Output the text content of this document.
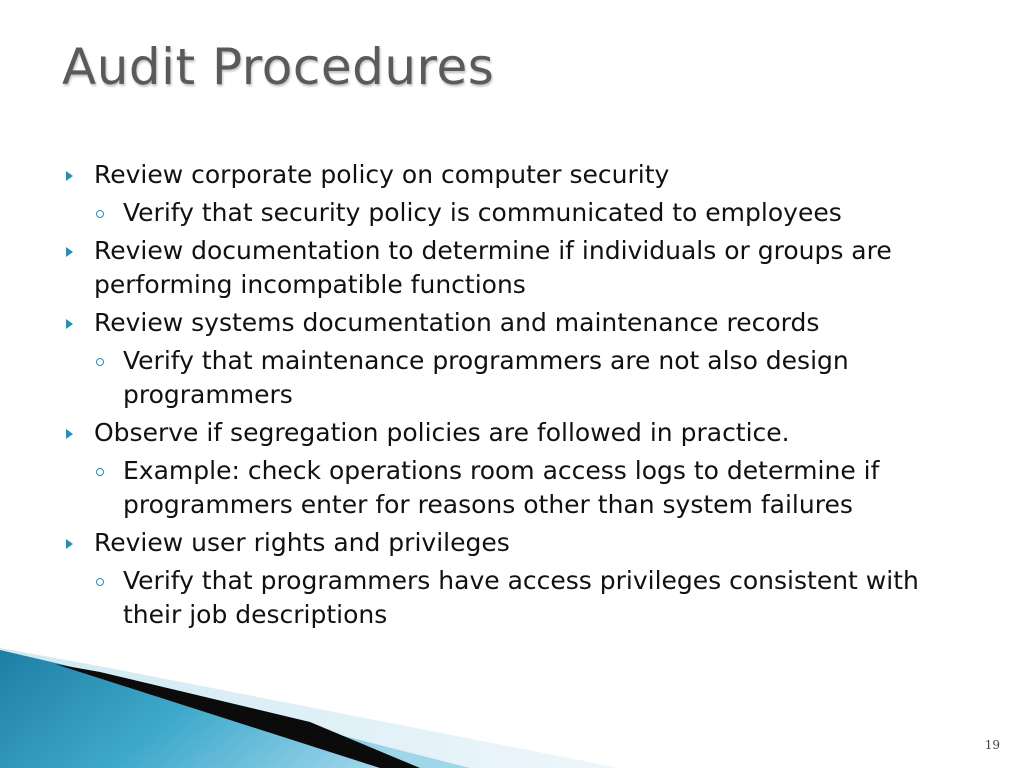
Audit Procedures
Review corporate policy on computer security
Verify that security policy is communicated to employees
Review documentation to determine if individuals or groups are performing incompatible functions
Review systems documentation and maintenance records
Verify that maintenance programmers are not also design programmers
Observe if segregation policies are followed in practice.
Example: check operations room access logs to determine if programmers enter for reasons other than system failures
Review user rights and privileges
Verify that programmers have access privileges consistent with their job descriptions
19
